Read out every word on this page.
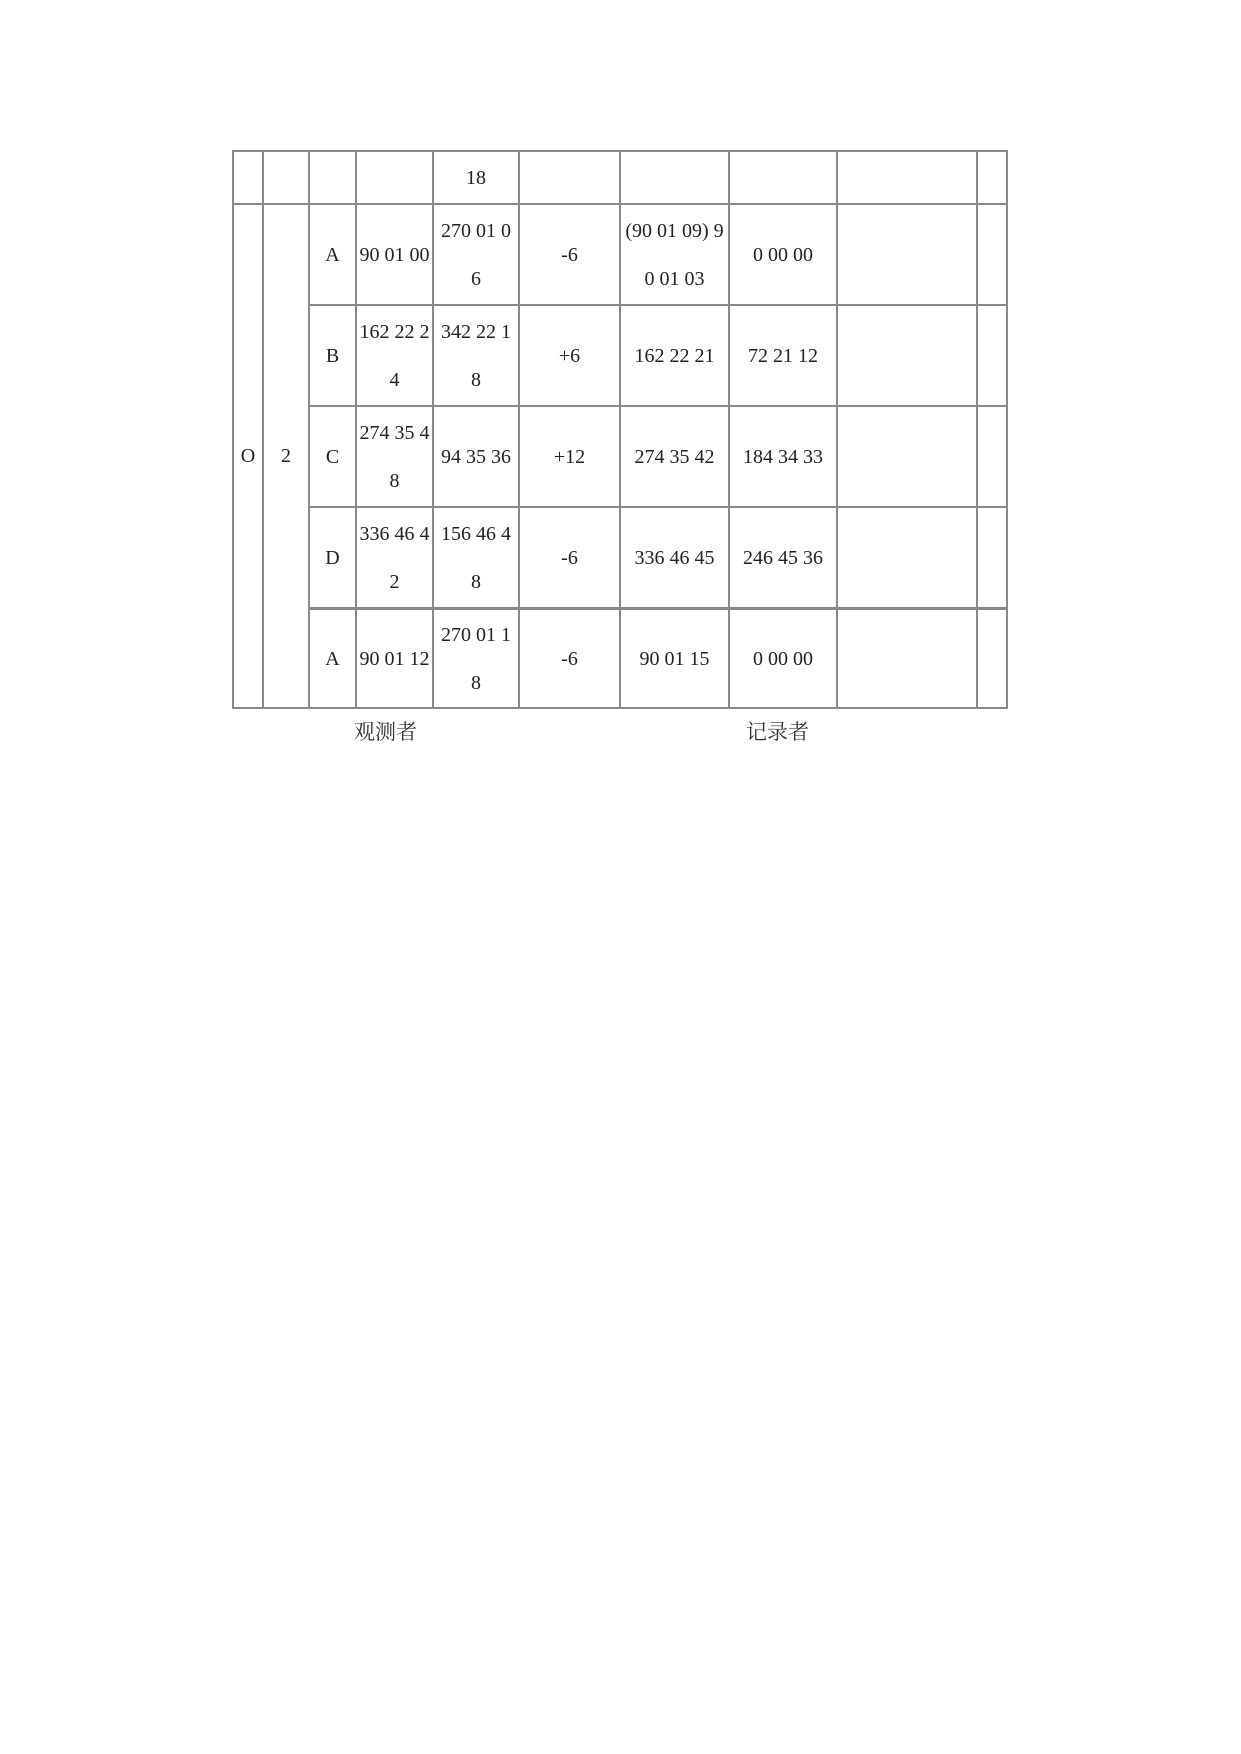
				18					
O	2	A	90 01 00	270 01 06	-6	(90 01 09) 90 01 03	0 00 00		
		B	162 22 24	342 22 18	+6	162 22 21	72 21 12		
		C	274 35 48	94 35 36	+12	274 35 42	184 34 33		
		D	336 46 42	156 46 48	-6	336 46 45	246 45 36		
		A	90 01 12	270 01 18	-6	90 01 15	0 00 00		
观测者	记录者
